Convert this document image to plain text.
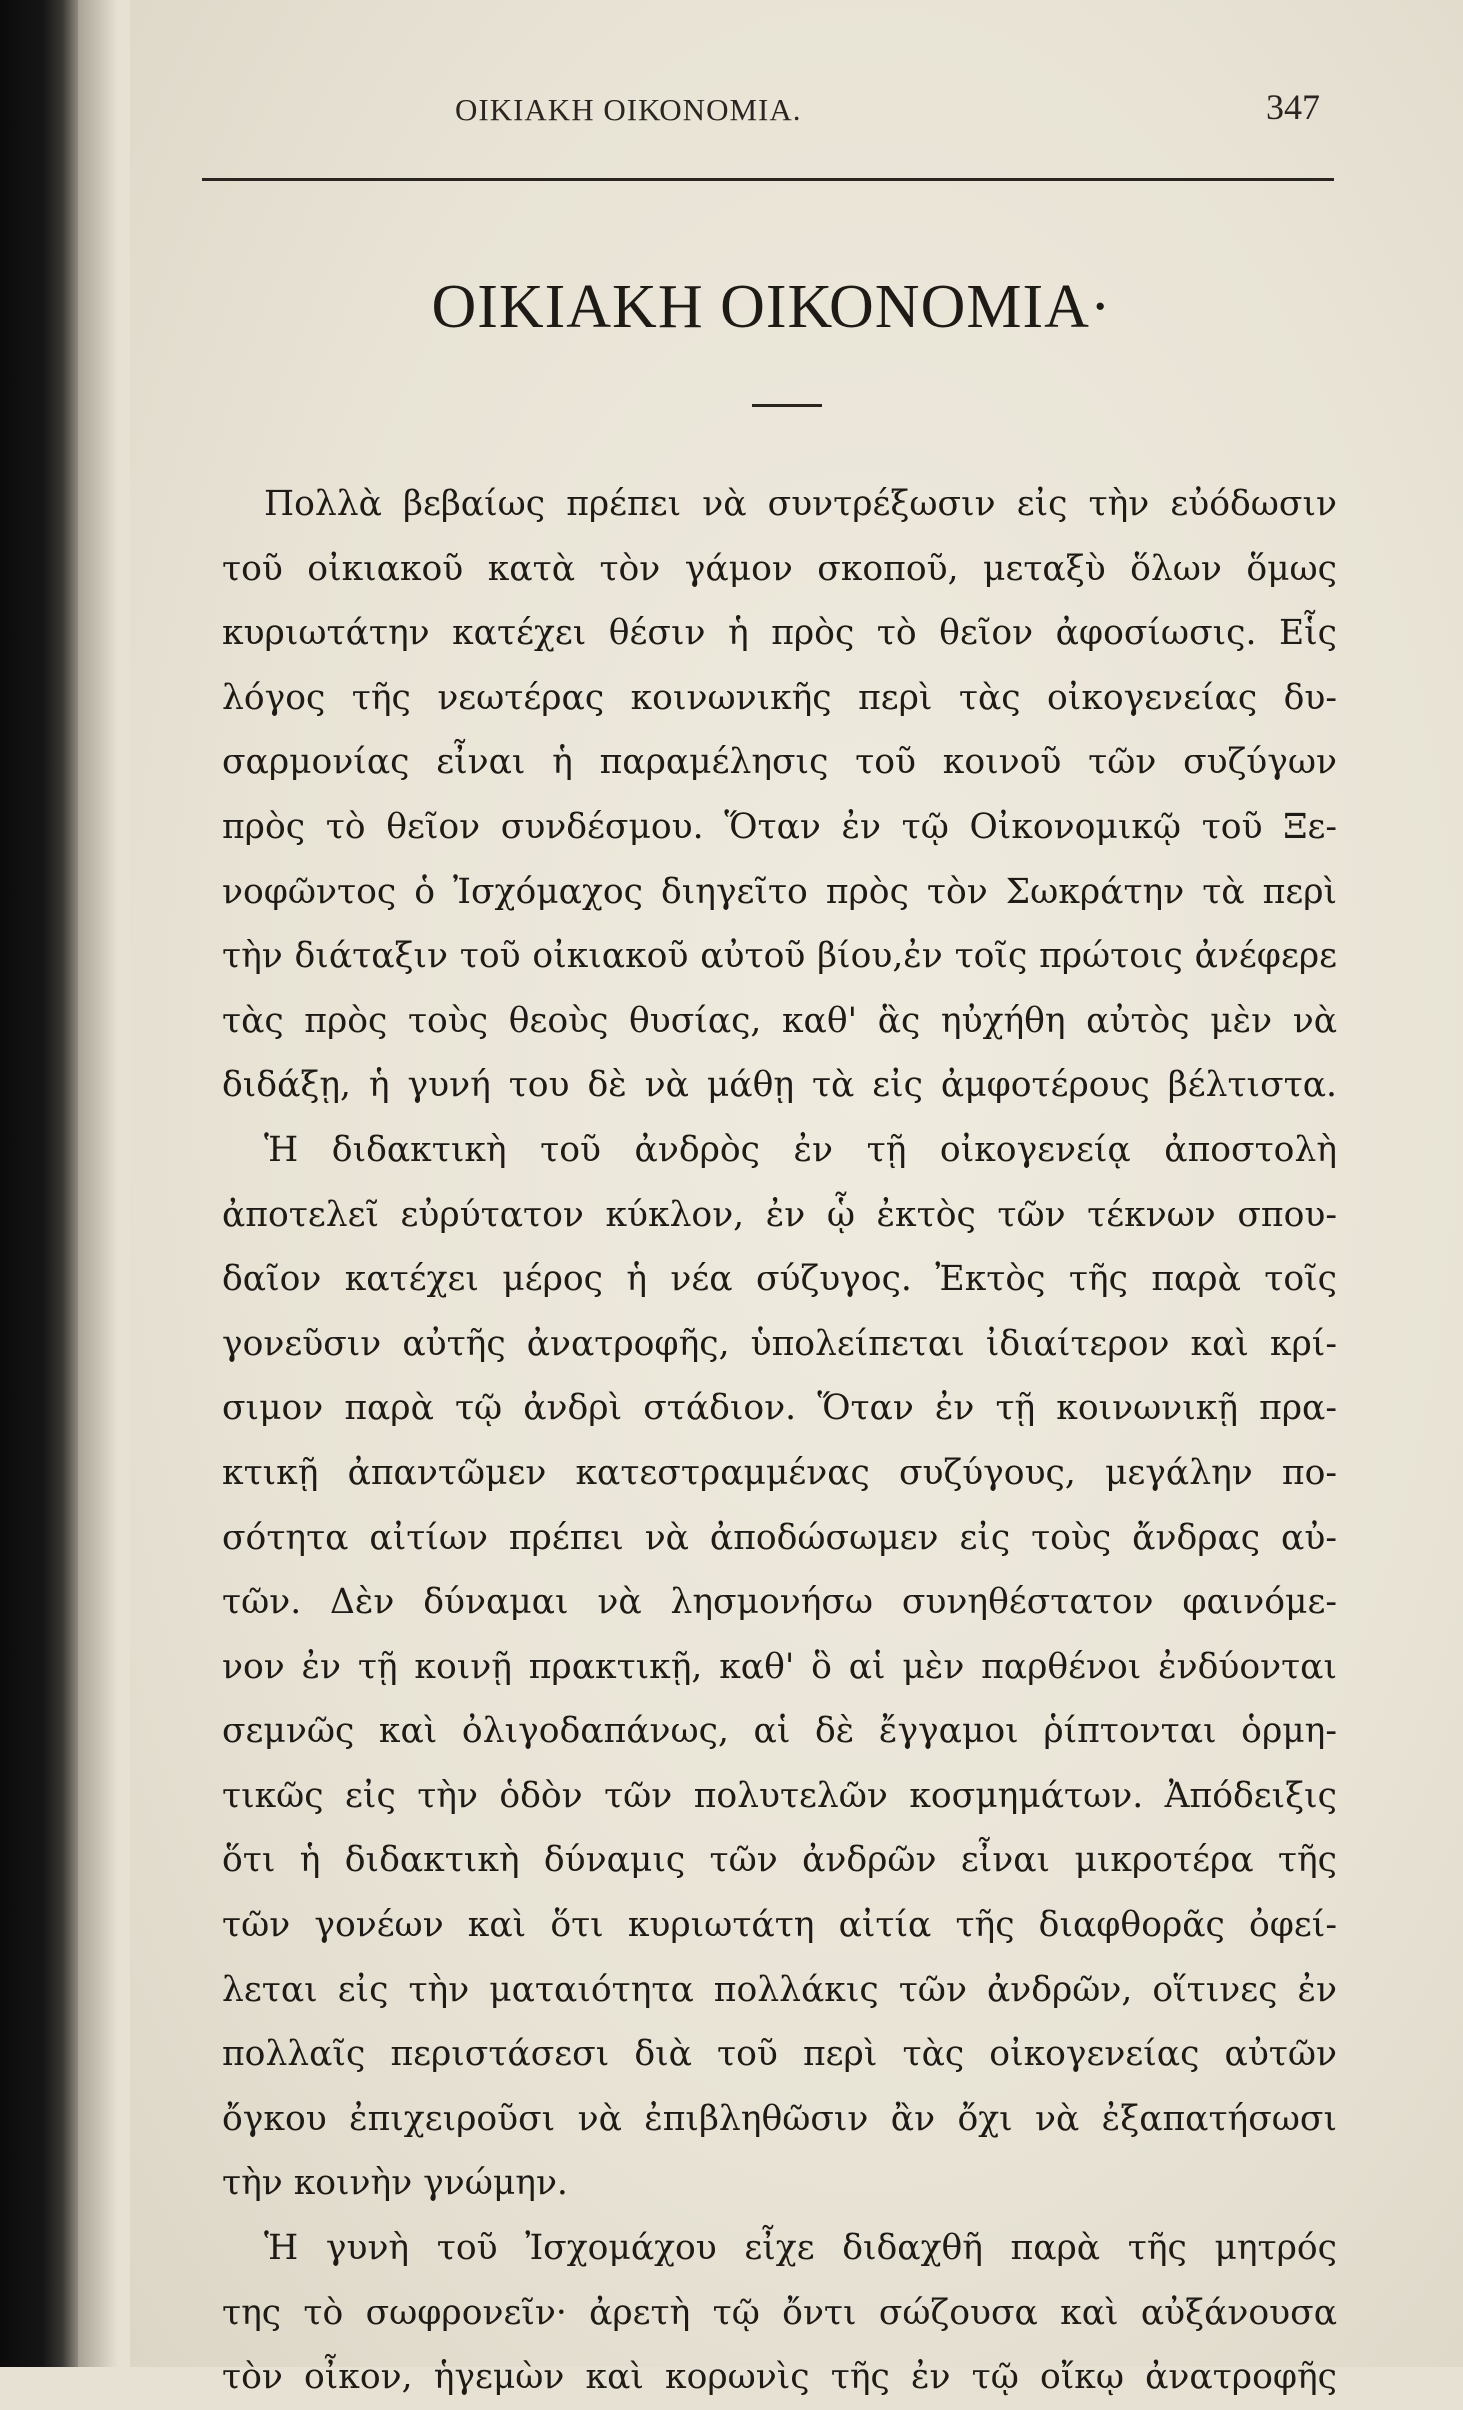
ΟΙΚΙΑΚΗ ΟΙΚΟΝΟΜΙΑ.	347
ΟΙΚΙΑΚΗ ΟΙΚΟΝΟΜΙΑ·
Πολλὰ βεβαίως πρέπει νὰ συντρέξωσιν εἰς τὴν εὐόδωσιν
τοῦ οἰκιακοῦ κατὰ τὸν γάμον σκοποῦ, μεταξὺ ὅλων ὅμως
κυριωτάτην κατέχει θέσιν ἡ πρὸς τὸ θεῖον ἀφοσίωσις. Εἷς
λόγος τῆς νεωτέρας κοινωνικῆς περὶ τὰς οἰκογενείας δυ-
σαρμονίας εἶναι ἡ παραμέλησις τοῦ κοινοῦ τῶν συζύγων
πρὸς τὸ θεῖον συνδέσμου. Ὅταν ἐν τῷ Οἰκονομικῷ τοῦ Ξε-
νοφῶντος ὁ Ἰσχόμαχος διηγεῖτο πρὸς τὸν Σωκράτην τὰ περὶ
τὴν διάταξιν τοῦ οἰκιακοῦ αὐτοῦ βίου,ἐν τοῖς πρώτοις ἀνέφερε
τὰς πρὸς τοὺς θεοὺς θυσίας, καθ' ἃς ηὐχήθη αὐτὸς μὲν νὰ
διδάξῃ, ἡ γυνή του δὲ νὰ μάθῃ τὰ εἰς ἀμφοτέρους βέλτιστα.
Ἡ διδακτικὴ τοῦ ἀνδρὸς ἐν τῇ οἰκογενείᾳ ἀποστολὴ
ἀποτελεῖ εὐρύτατον κύκλον, ἐν ᾧ ἐκτὸς τῶν τέκνων σπου-
δαῖον κατέχει μέρος ἡ νέα σύζυγος. Ἐκτὸς τῆς παρὰ τοῖς
γονεῦσιν αὐτῆς ἀνατροφῆς, ὑπολείπεται ἰδιαίτερον καὶ κρί-
σιμον παρὰ τῷ ἀνδρὶ στάδιον. Ὅταν ἐν τῇ κοινωνικῇ πρα-
κτικῇ ἀπαντῶμεν κατεστραμμένας συζύγους, μεγάλην πο-
σότητα αἰτίων πρέπει νὰ ἀποδώσωμεν εἰς τοὺς ἄνδρας αὐ-
τῶν. Δὲν δύναμαι νὰ λησμονήσω συνηθέστατον φαινόμε-
νον ἐν τῇ κοινῇ πρακτικῇ, καθ' ὃ αἱ μὲν παρθένοι ἐνδύονται
σεμνῶς καὶ ὀλιγοδαπάνως, αἱ δὲ ἔγγαμοι ῥίπτονται ὁρμη-
τικῶς εἰς τὴν ὁδὸν τῶν πολυτελῶν κοσμημάτων. Ἀπόδειξις
ὅτι ἡ διδακτικὴ δύναμις τῶν ἀνδρῶν εἶναι μικροτέρα τῆς
τῶν γονέων καὶ ὅτι κυριωτάτη αἰτία τῆς διαφθορᾶς ὀφεί-
λεται εἰς τὴν ματαιότητα πολλάκις τῶν ἀνδρῶν, οἵτινες ἐν
πολλαῖς περιστάσεσι διὰ τοῦ περὶ τὰς οἰκογενείας αὐτῶν
ὄγκου ἐπιχειροῦσι νὰ ἐπιβληθῶσιν ἂν ὄχι νὰ ἐξαπατήσωσι
τὴν κοινὴν γνώμην.
Ἡ γυνὴ τοῦ Ἰσχομάχου εἶχε διδαχθῆ παρὰ τῆς μητρός
της τὸ σωφρονεῖν· ἀρετὴ τῷ ὄντι σώζουσα καὶ αὐξάνουσα
τὸν οἶκον, ἡγεμὼν καὶ κορωνὶς τῆς ἐν τῷ οἴκῳ ἀνατροφῆς
